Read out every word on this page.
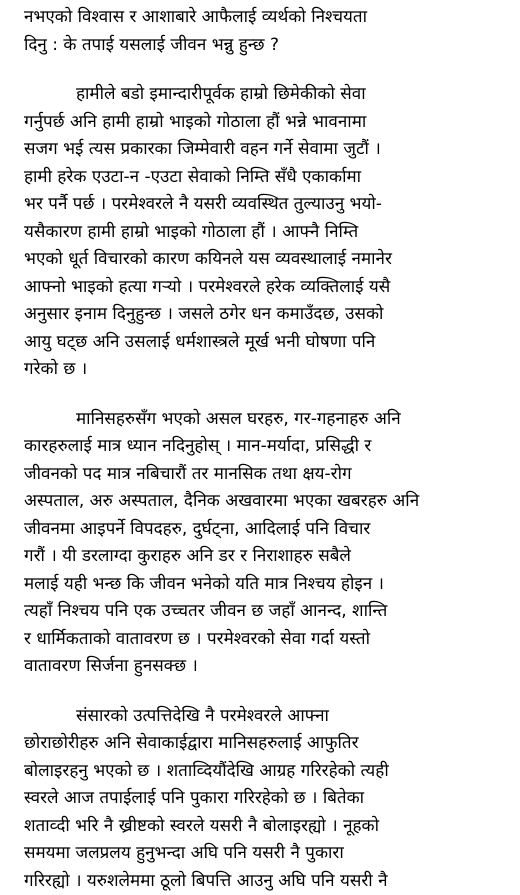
नभएको विश्वास र आशाबारे आफैलाई व्यर्थको निश्चयता
दिनु : के तपाई यसलाई जीवन भन्नु हुन्छ ?
हामीले बडो इमान्दारीपूर्वक हाम्रो छिमेकीको सेवा
गर्नुपर्छ अनि हामी हाम्रो भाइको गोठाला हौं भन्ने भावनामा
सजग भई त्यस प्रकारका जिम्मेवारी वहन गर्ने सेवामा जुटौं ।
हामी हरेक एउटा-न -एउटा सेवाको निम्ति सँधै एकार्कामा
भर पर्नै पर्छ । परमेश्वरले नै यसरी व्यवस्थित तुल्याउनु भयो-
यसैकारण हामी हाम्रो भाइको गोठाला हौं । आफ्नै निम्ति
भएको धूर्त विचारको कारण कयिनले यस व्यवस्थालाई नमानेर
आफ्नो भाइको हत्या गऱ्यो । परमेश्वरले हरेक व्यक्तिलाई यसै
अनुसार इनाम दिनुहुन्छ । जसले ठगेर धन कमाउँदछ, उसको
आयु घट्छ अनि उसलाई धर्मशास्त्रले मूर्ख भनी घोषणा पनि
गरेको छ ।
मानिसहरुसँग भएको असल घरहरु, गर-गहनाहरु अनि
कारहरुलाई मात्र ध्यान नदिनुहोस् । मान-मर्यादा, प्रसिद्धी र
जीवनको पद मात्र नबिचारौं तर मानसिक तथा क्षय-रोग
अस्पताल, अरु अस्पताल, दैनिक अखवारमा भएका खबरहरु अनि
जीवनमा आइपर्ने विपदहरु, दुर्घट्ना, आदिलाई पनि विचार
गरौं । यी डरलाग्दा कुराहरु अनि डर र निराशाहरु सबैले
मलाई यही भन्छ कि जीवन भनेको यति मात्र निश्चय होइन ।
त्यहाँ निश्चय पनि एक उच्चतर जीवन छ जहाँ आनन्द, शान्ति
र धार्मिकताको वातावरण छ । परमेश्वरको सेवा गर्दा यस्तो
वातावरण सिर्जना हुनसक्छ ।
संसारको उत्पत्तिदेखि नै परमेश्वरले आफ्ना
छोराछोरीहरु अनि सेवाकाईद्वारा मानिसहरुलाई आफुतिर
बोलाइरहनु भएको छ । शताव्दियौंदेखि आग्रह गरिरहेको त्यही
स्वरले आज तपाईलाई पनि पुकारा गरिरहेको छ । बितेका
शताव्दी भरि नै ख्रीष्टको स्वरले यसरी नै बोलाइरह्यो । नूहको
समयमा जलप्रलय हुनुभन्दा अघि पनि यसरी नै पुकारा
गरिरह्यो । यरुशलेममा ठूलो बिपत्ति आउनु अघि पनि यसरी नै
